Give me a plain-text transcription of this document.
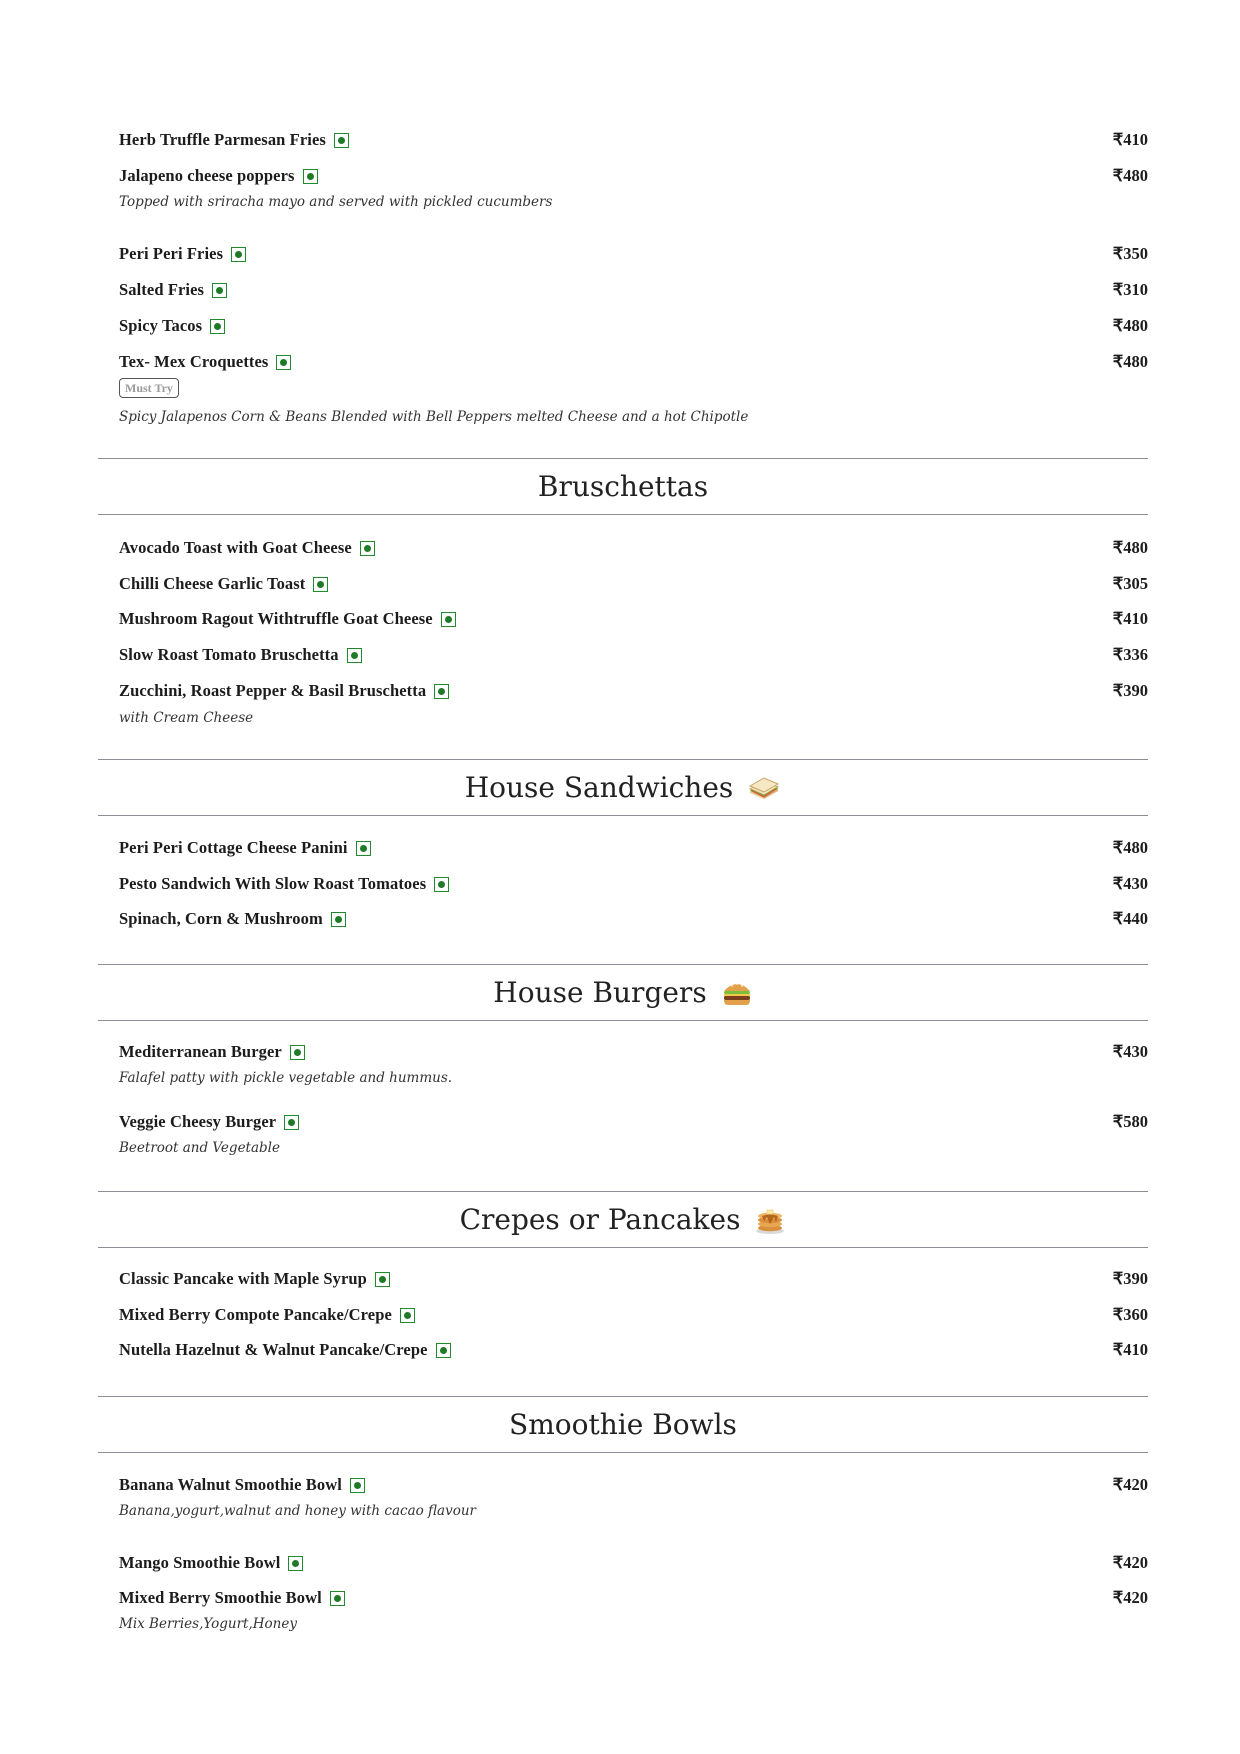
Herb Truffle Parmesan Fries	₹410
Jalapeno cheese poppers	₹480
Topped with sriracha mayo and served with pickled cucumbers
Peri Peri Fries	₹350
Salted Fries	₹310
Spicy Tacos	₹480
Tex- Mex Croquettes	₹480
Must Try
Spicy Jalapenos Corn & Beans Blended with Bell Peppers melted Cheese and a hot Chipotle
Bruschettas
Avocado Toast with Goat Cheese	₹480
Chilli Cheese Garlic Toast	₹305
Mushroom Ragout Withtruffle Goat Cheese	₹410
Slow Roast Tomato Bruschetta	₹336
Zucchini, Roast Pepper & Basil Bruschetta	₹390
with Cream Cheese
House Sandwiches
Peri Peri Cottage Cheese Panini	₹480
Pesto Sandwich With Slow Roast Tomatoes	₹430
Spinach, Corn & Mushroom	₹440
House Burgers
Mediterranean Burger	₹430
Falafel patty with pickle vegetable and hummus.
Veggie Cheesy Burger	₹580
Beetroot and Vegetable
Crepes or Pancakes
Classic Pancake with Maple Syrup	₹390
Mixed Berry Compote Pancake/Crepe	₹360
Nutella Hazelnut & Walnut Pancake/Crepe	₹410
Smoothie Bowls
Banana Walnut Smoothie Bowl	₹420
Banana,yogurt,walnut and honey with cacao flavour
Mango Smoothie Bowl	₹420
Mixed Berry Smoothie Bowl	₹420
Mix Berries,Yogurt,Honey
